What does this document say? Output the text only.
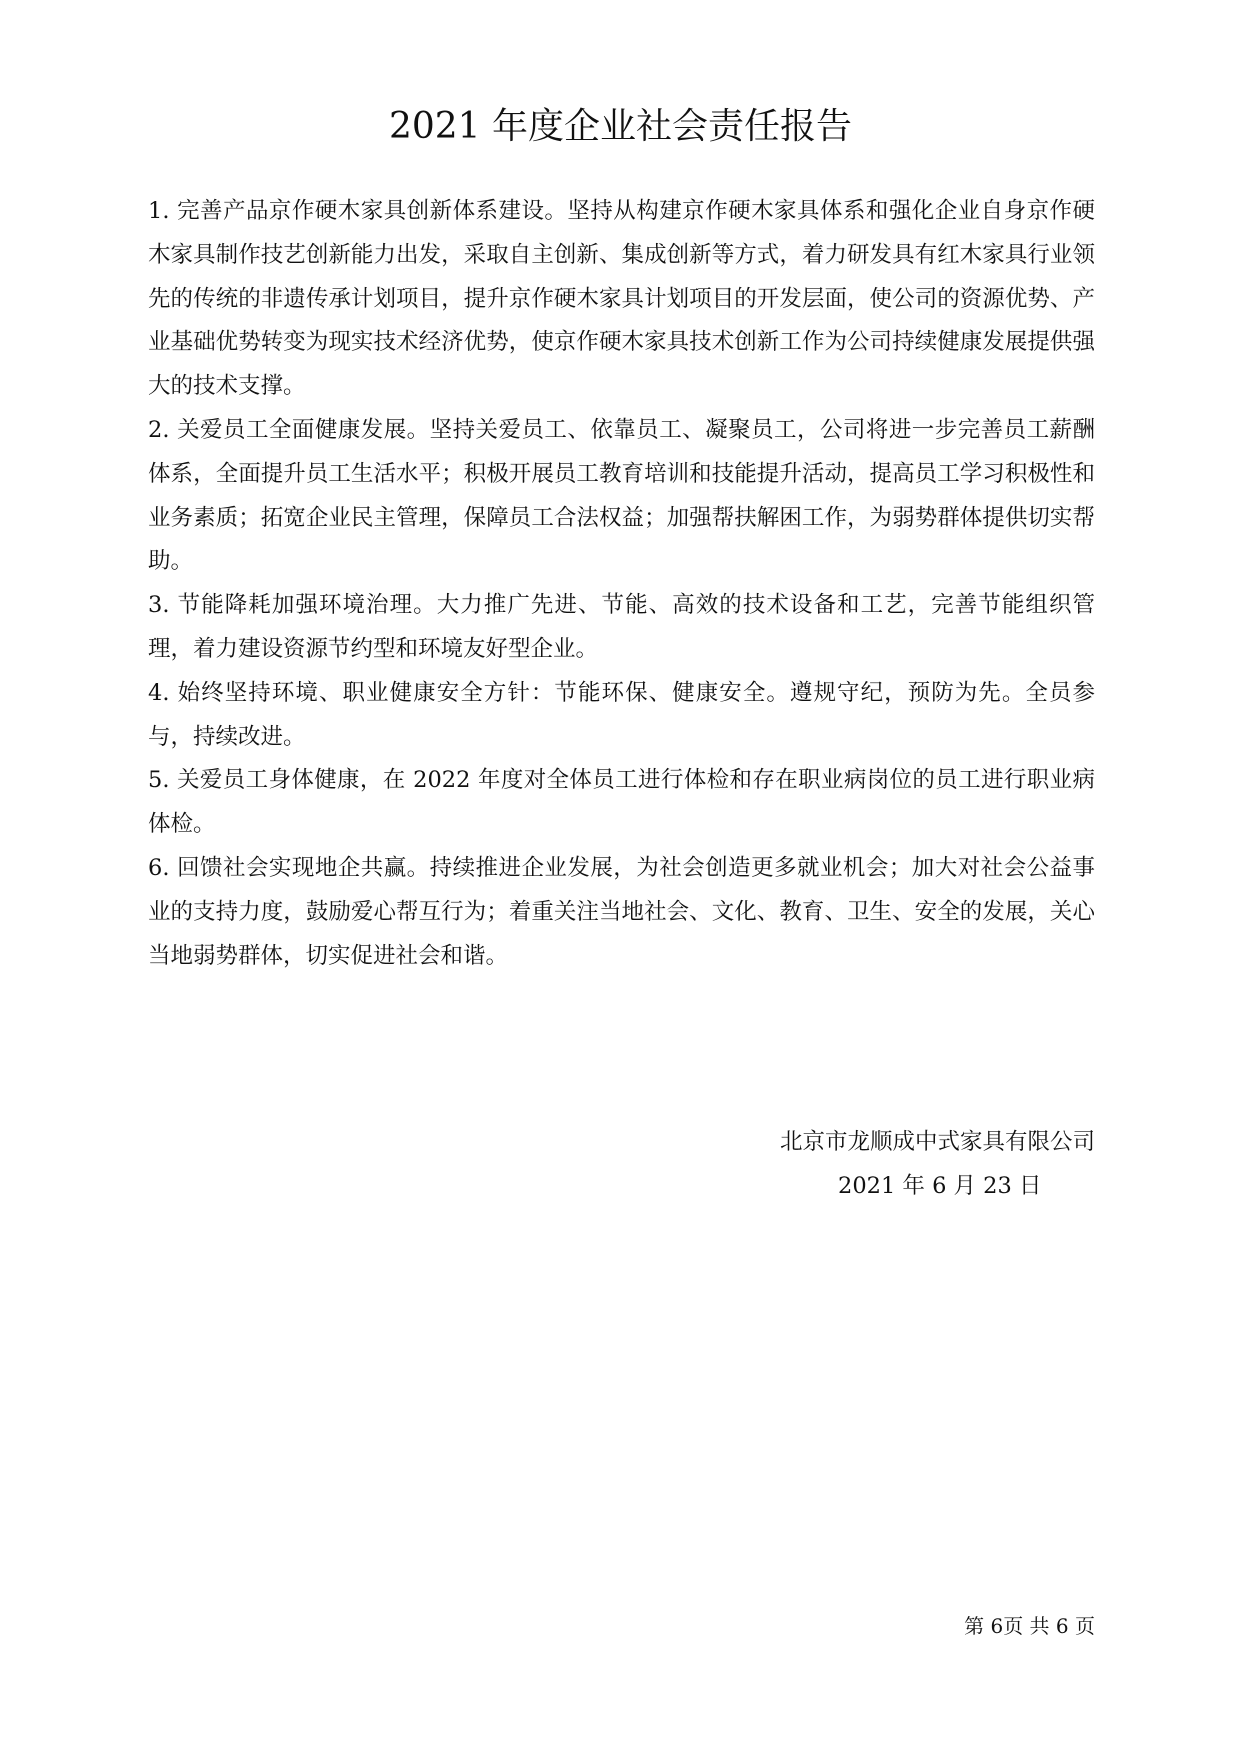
2021 年度企业社会责任报告

1. 完善产品京作硬木家具创新体系建设。坚持从构建京作硬木家具体系和强化企业自身京作硬木家具制作技艺创新能力出发，采取自主创新、集成创新等方式，着力研发具有红木家具行业领先的传统的非遗传承计划项目，提升京作硬木家具计划项目的开发层面，使公司的资源优势、产业基础优势转变为现实技术经济优势，使京作硬木家具技术创新工作为公司持续健康发展提供强大的技术支撑。

2. 关爱员工全面健康发展。坚持关爱员工、依靠员工、凝聚员工，公司将进一步完善员工薪酬体系，全面提升员工生活水平；积极开展员工教育培训和技能提升活动，提高员工学习积极性和业务素质；拓宽企业民主管理，保障员工合法权益；加强帮扶解困工作，为弱势群体提供切实帮助。

3. 节能降耗加强环境治理。大力推广先进、节能、高效的技术设备和工艺，完善节能组织管理，着力建设资源节约型和环境友好型企业。

4. 始终坚持环境、职业健康安全方针：节能环保、健康安全。遵规守纪，预防为先。全员参与，持续改进。

5. 关爱员工身体健康，在 2022 年度对全体员工进行体检和存在职业病岗位的员工进行职业病体检。

6. 回馈社会实现地企共赢。持续推进企业发展，为社会创造更多就业机会；加大对社会公益事业的支持力度，鼓励爱心帮互行为；着重关注当地社会、文化、教育、卫生、安全的发展，关心当地弱势群体，切实促进社会和谐。

北京市龙顺成中式家具有限公司
2021 年 6 月 23 日
第 6页 共 6 页
